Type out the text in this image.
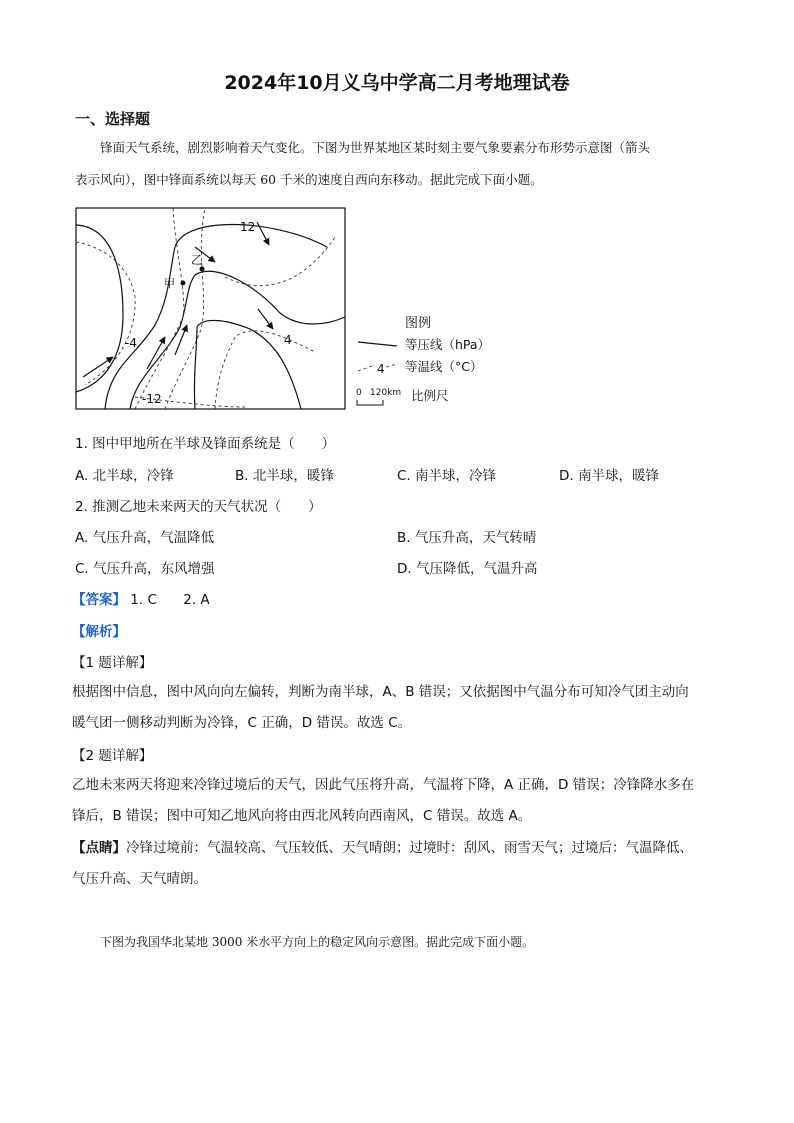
2024年10月义乌中学高二月考地理试卷
一、选择题
锋面天气系统，剧烈影响着天气变化。下图为世界某地区某时刻主要气象要素分布形势示意图（箭头
表示风向），图中锋面系统以每天 60 千米的速度自西向东移动。据此完成下面小题。
12
乙
甲
-4	4
-12
图例
等压线（hPa）
4 等温线（°C）
0 120km 比例尺
1. 图中甲地所在半球及锋面系统是（　　）
A. 北半球，冷锋	B. 北半球，暖锋	C. 南半球，冷锋	D. 南半球，暖锋
2. 推测乙地未来两天的天气状况（　　）
A. 气压升高，气温降低	B. 气压升高，天气转晴
C. 气压升高，东风增强	D. 气压降低，气温升高
【答案】 1. C 2. A
【解析】
【1 题详解】
根据图中信息，图中风向向左偏转，判断为南半球，A、B 错误；又依据图中气温分布可知冷气团主动向
暖气团一侧移动判断为冷锋，C 正确，D 错误。故选 C。
【2 题详解】
乙地未来两天将迎来冷锋过境后的天气，因此气压将升高，气温将下降，A 正确，D 错误；冷锋降水多在
锋后，B 错误；图中可知乙地风向将由西北风转向西南风，C 错误。故选 A。
【点睛】冷锋过境前：气温较高、气压较低、天气晴朗；过境时：刮风、雨雪天气；过境后：气温降低、
气压升高、天气晴朗。
下图为我国华北某地 3000 米水平方向上的稳定风向示意图。据此完成下面小题。
